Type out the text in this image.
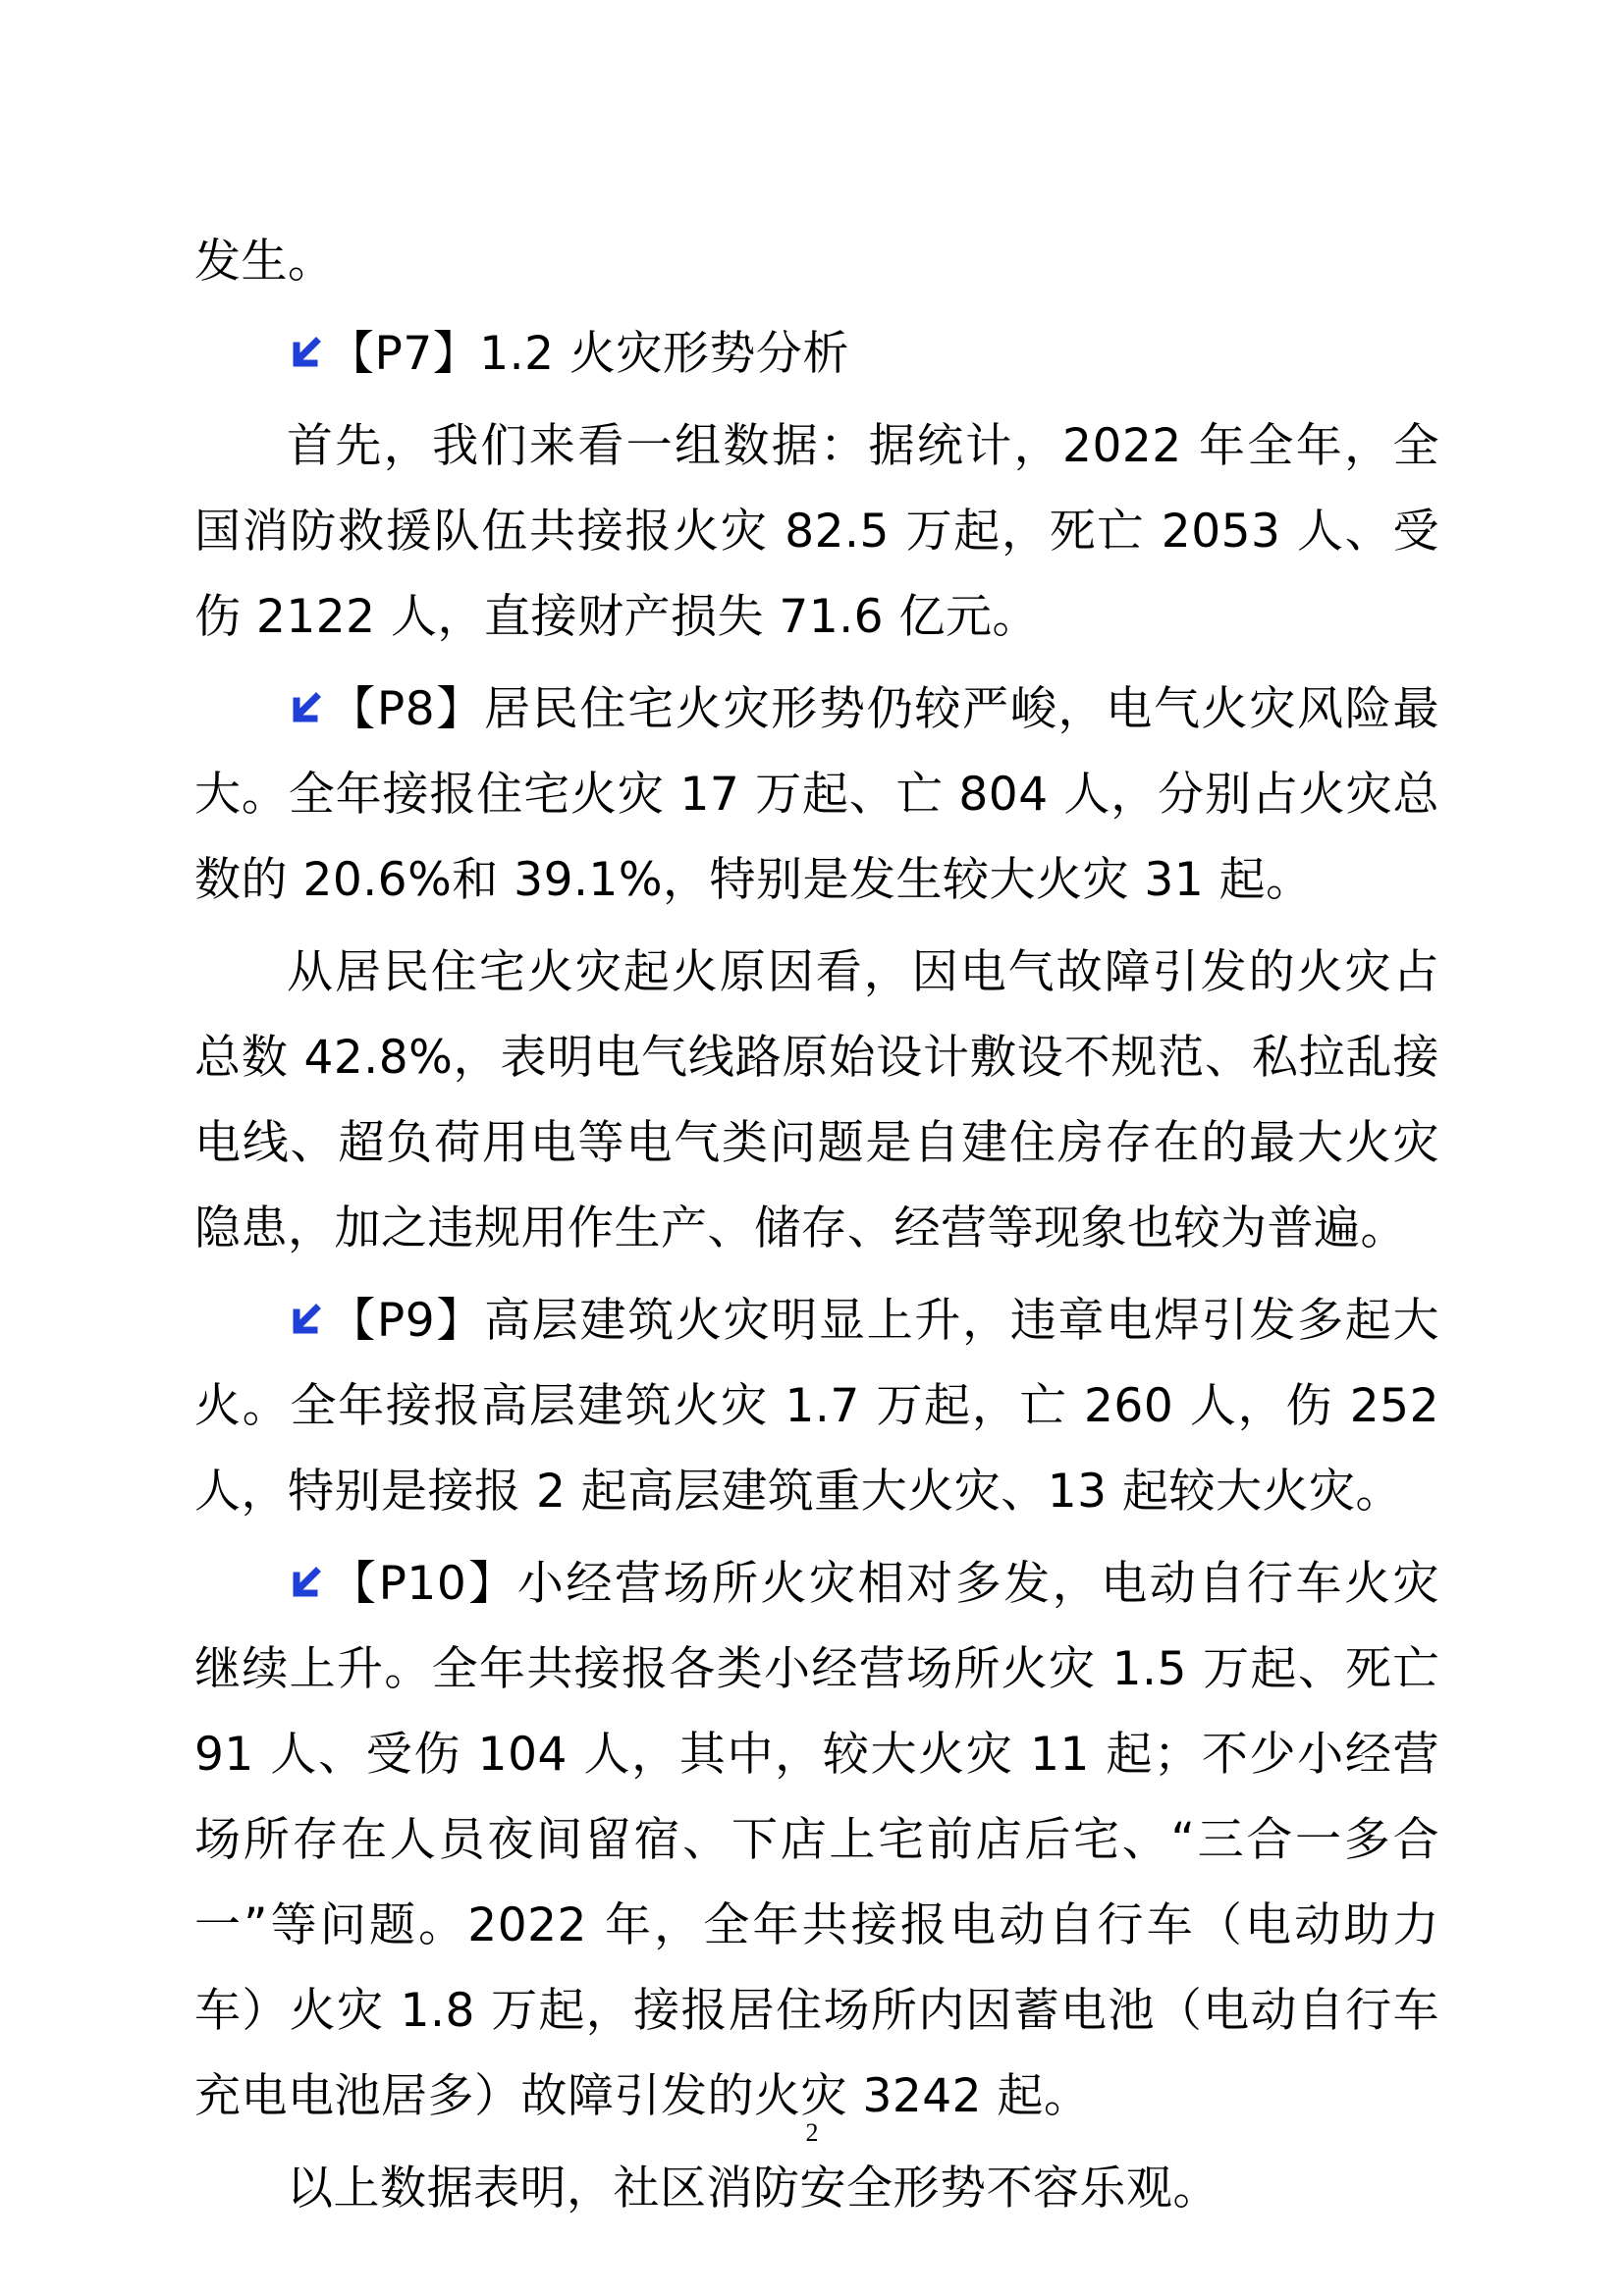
发生。

【P7】1.2 火灾形势分析

首先，我们来看一组数据：据统计，2022 年全年，全国消防救援队伍共接报火灾 82.5 万起，死亡 2053 人、受伤 2122 人，直接财产损失 71.6 亿元。

【P8】居民住宅火灾形势仍较严峻，电气火灾风险最大。全年接报住宅火灾 17 万起、亡 804 人，分别占火灾总数的 20.6%和 39.1%，特别是发生较大火灾 31 起。

从居民住宅火灾起火原因看，因电气故障引发的火灾占总数 42.8%，表明电气线路原始设计敷设不规范、私拉乱接电线、超负荷用电等电气类问题是自建住房存在的最大火灾隐患，加之违规用作生产、储存、经营等现象也较为普遍。

【P9】高层建筑火灾明显上升，违章电焊引发多起大火。全年接报高层建筑火灾 1.7 万起，亡 260 人，伤 252 人，特别是接报 2 起高层建筑重大火灾、13 起较大火灾。

【P10】小经营场所火灾相对多发，电动自行车火灾继续上升。全年共接报各类小经营场所火灾 1.5 万起、死亡 91 人、受伤 104 人，其中，较大火灾 11 起；不少小经营场所存在人员夜间留宿、下店上宅前店后宅、“三合一多合一”等问题。2022 年，全年共接报电动自行车（电动助力车）火灾 1.8 万起，接报居住场所内因蓄电池（电动自行车充电电池居多）故障引发的火灾 3242 起。

以上数据表明，社区消防安全形势不容乐观。

2
